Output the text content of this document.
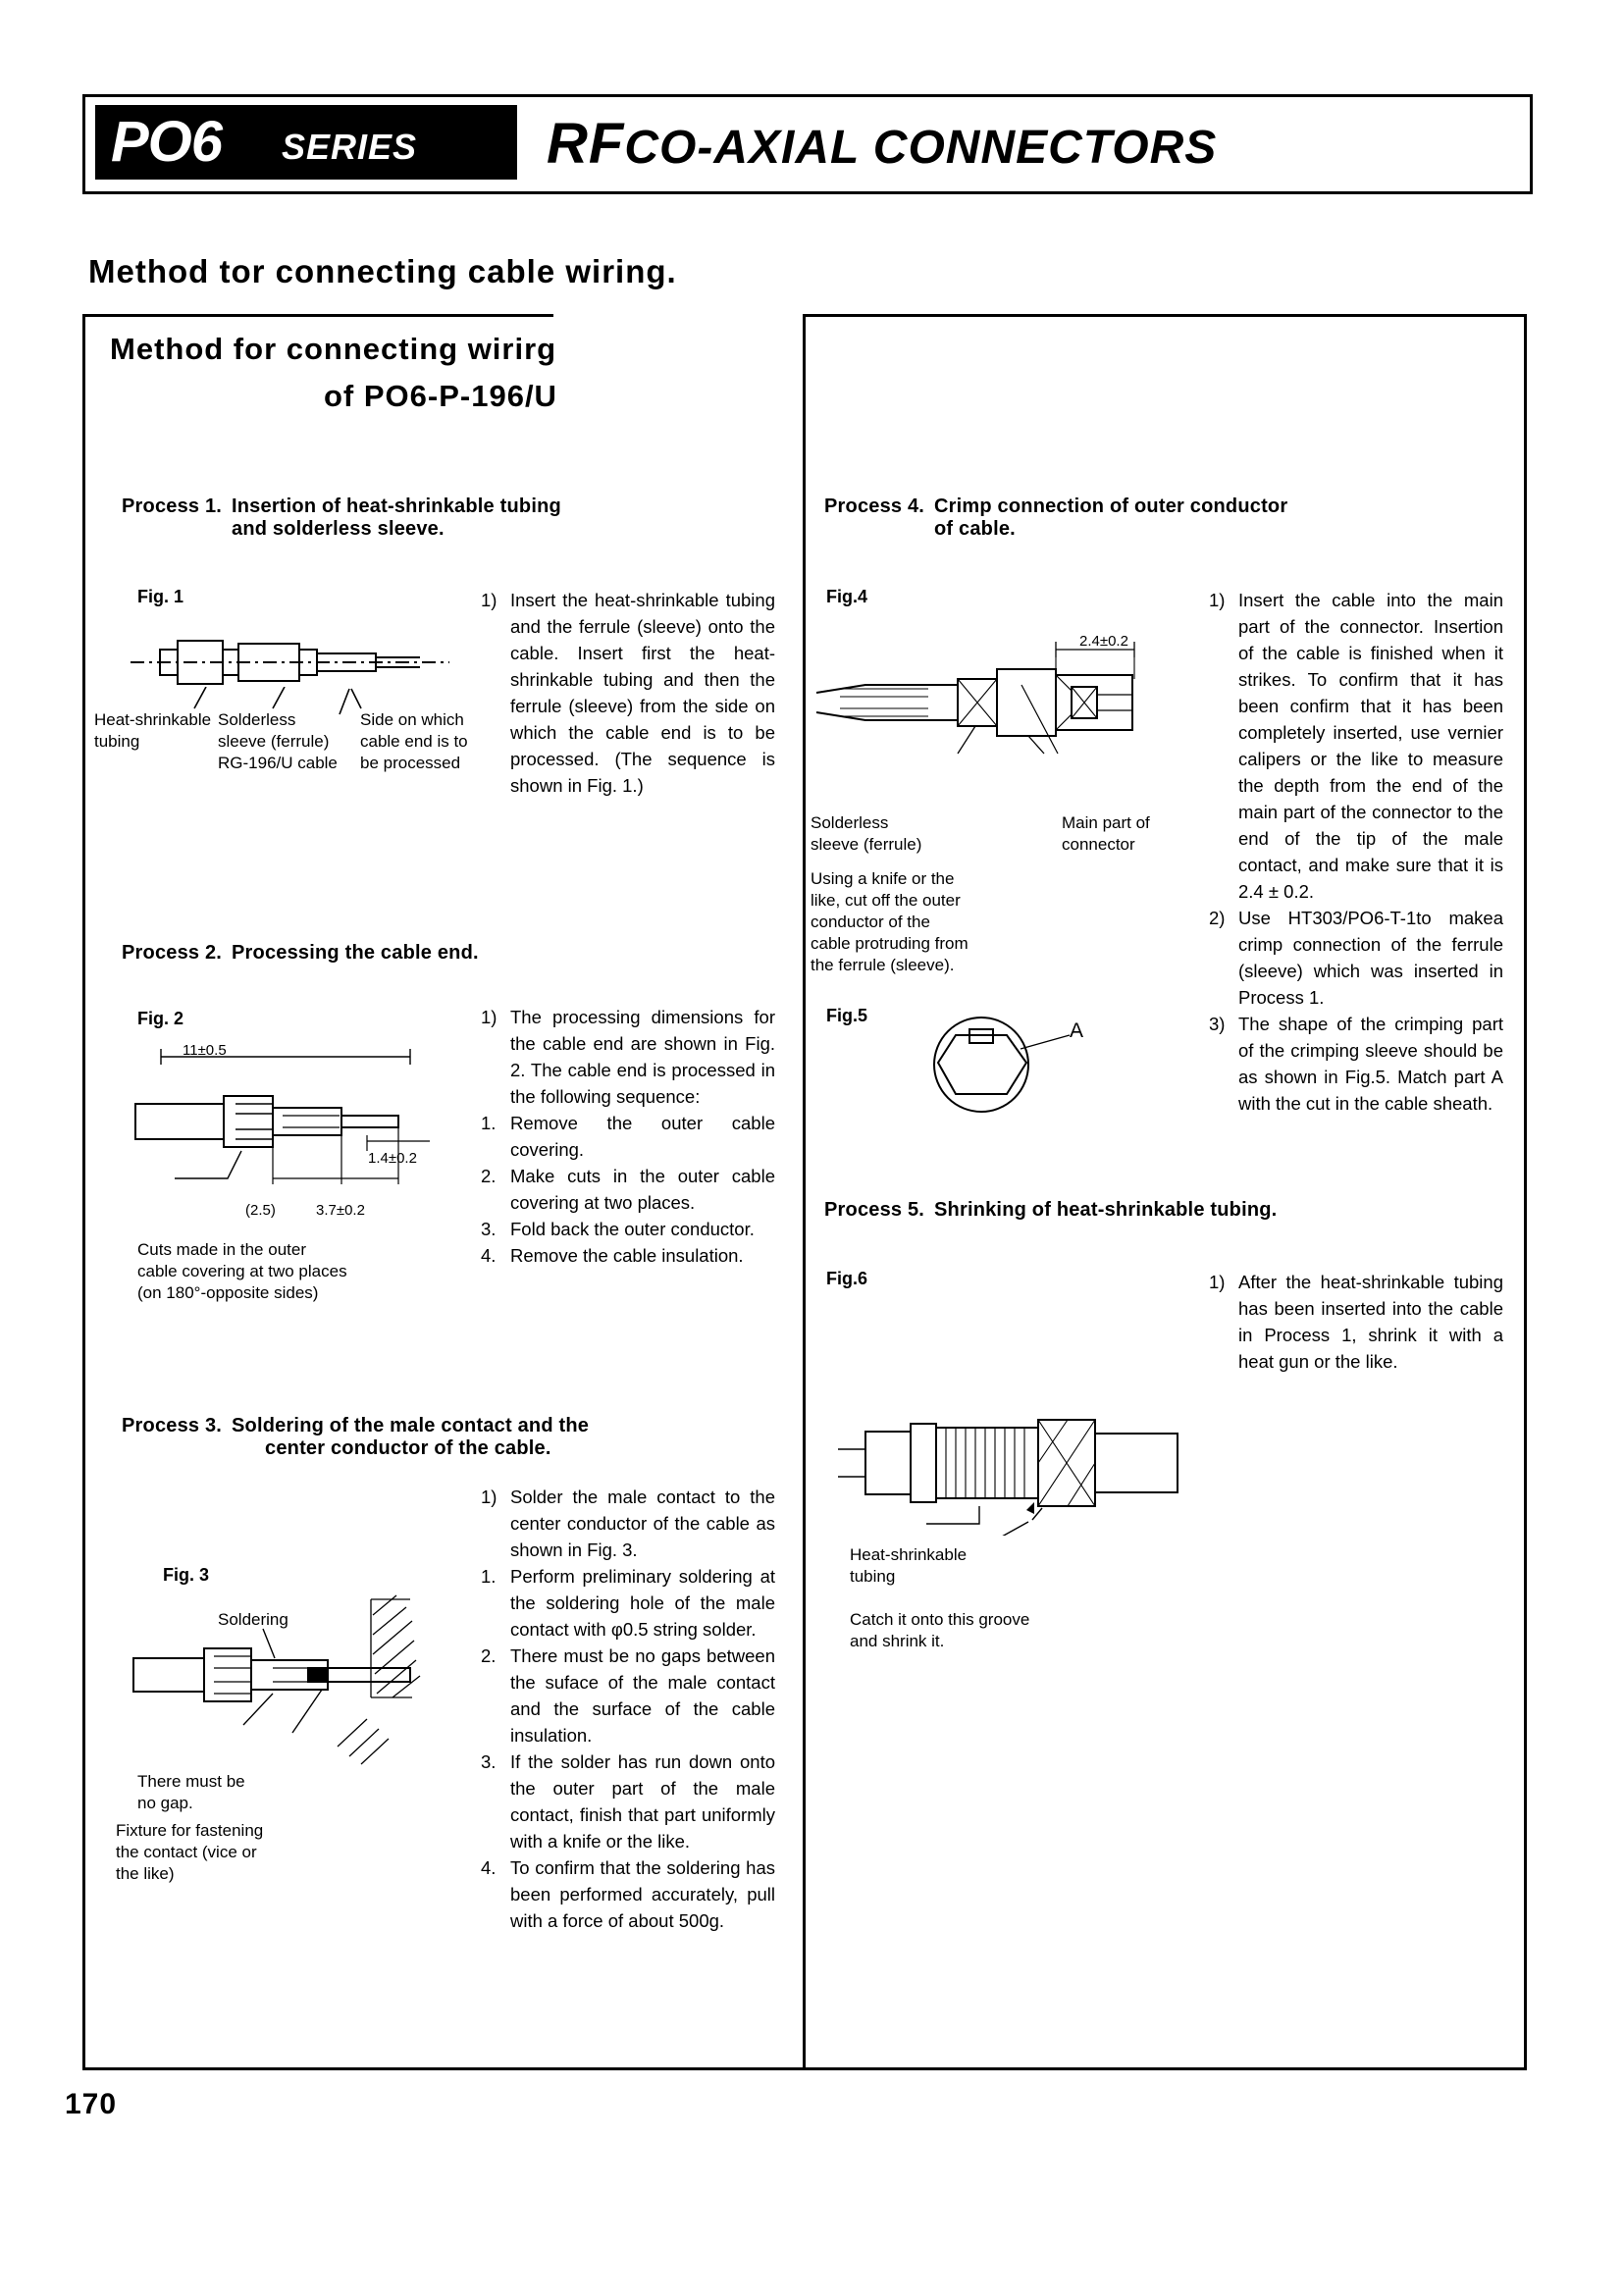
PO6 SERIES RFCO-AXIAL CONNECTORS
Method tor connecting cable wiring.
Method for connecting wirirg
of PO6-P-196/U
Process 1. Insertion of heat-shrinkable tubing
and solderless sleeve.
Fig. 1
Heat-shrinkable
tubing
Solderless
sleeve (ferrule)
RG-196/U cable
Side on which
cable end is to
be processed
1) Insert the heat-shrinkable tubing and the ferrule (sleeve) onto the cable. Insert first the heat-shrinkable tubing and then the ferrule (sleeve) from the side on which the cable end is to be processed. (The sequence is shown in Fig. 1.)
Process 2. Processing the cable end.
Fig. 2
11±0.5
1.4±0.2
(2.5)	3.7±0.2
Cuts made in the outer
cable covering at two places
(on 180°-opposite sides)
1) The processing dimensions for the cable end are shown in Fig. 2. The cable end is processed in the following sequence:
1. Remove the outer cable covering.
2. Make cuts in the outer cable covering at two places.
3. Fold back the outer conductor.
4. Remove the cable insulation.
Process 3. Soldering of the male contact and the
center conductor of the cable.
Fig. 3
Soldering
There must be
no gap.
Fixture for fastening
the contact (vice or
the like)
1) Solder the male contact to the center conductor of the cable as shown in Fig. 3.
1. Perform preliminary soldering at the soldering hole of the male contact with φ0.5 string solder.
2. There must be no gaps between the suface of the male contact and the surface of the cable insulation.
3. If the solder has run down onto the outer part of the male contact, finish that part uniformly with a knife or the like.
4. To confirm that the soldering has been performed accurately, pull with a force of about 500g.
Process 4. Crimp connection of outer conductor
of cable.
Fig.4
2.4±0.2
Solderless
sleeve (ferrule)
Main part of
connector
Using a knife or the
like, cut off the outer
conductor of the
cable protruding from
the ferrule (sleeve).
Fig.5
A
1) Insert the cable into the main part of the connector. Insertion of the cable is finished when it strikes. To confirm that it has been confirm that it has been completely inserted, use vernier calipers or the like to measure the depth from the end of the main part of the connector to the end of the tip of the male contact, and make sure that it is 2.4 ± 0.2.
2) Use HT303/PO6-T-1to makea crimp connection of the ferrule (sleeve) which was inserted in Process 1.
3) The shape of the crimping part of the crimping sleeve should be as shown in Fig.5. Match part A with the cut in the cable sheath.
Process 5. Shrinking of heat-shrinkable tubing.
Fig.6
Heat-shrinkable
tubing
Catch it onto this groove
and shrink it.
1) After the heat-shrinkable tubing has been inserted into the cable in Process 1, shrink it with a heat gun or the like.
170
